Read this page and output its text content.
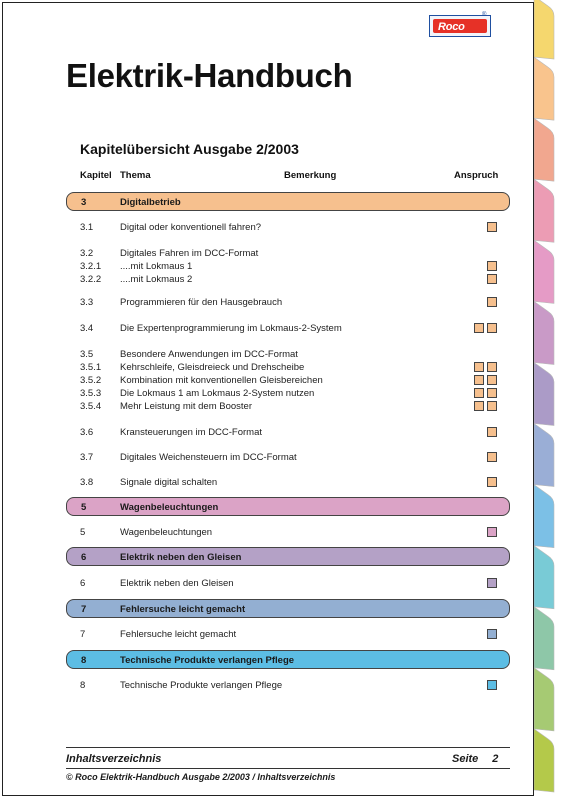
Roco
®
Elektrik-Handbuch
Kapitelübersicht Ausgabe 2/2003
Kapitel Thema	Bemerkung	Anspruch
3	Digitalbetrieb
3.1	Digital oder konventionell fahren?
3.2	Digitales Fahren im DCC-Format
3.2.1 ....mit Lokmaus 1
3.2.2 ....mit Lokmaus 2
3.3	Programmieren für den Hausgebrauch
3.4	Die Expertenprogrammierung im Lokmaus-2-System
3.5	Besondere Anwendungen im DCC-Format
3.5.1 Kehrschleife, Gleisdreieck und Drehscheibe
3.5.2 Kombination mit konventionellen Gleisbereichen
3.5.3 Die Lokmaus 1 am Lokmaus 2-System nutzen
3.5.4 Mehr Leistung mit dem Booster
3.6	Kransteuerungen im DCC-Format
3.7	Digitales Weichensteuern im DCC-Format
3.8	Signale digital schalten
5	Wagenbeleuchtungen
5	Wagenbeleuchtungen
6	Elektrik neben den Gleisen
6	Elektrik neben den Gleisen
7	Fehlersuche leicht gemacht
7	Fehlersuche leicht gemacht
8	Technische Produkte verlangen Pflege
8	Technische Produkte verlangen Pflege
Inhaltsverzeichnis	Seite 2
© Roco Elektrik-Handbuch Ausgabe 2/2003 / Inhaltsverzeichnis
